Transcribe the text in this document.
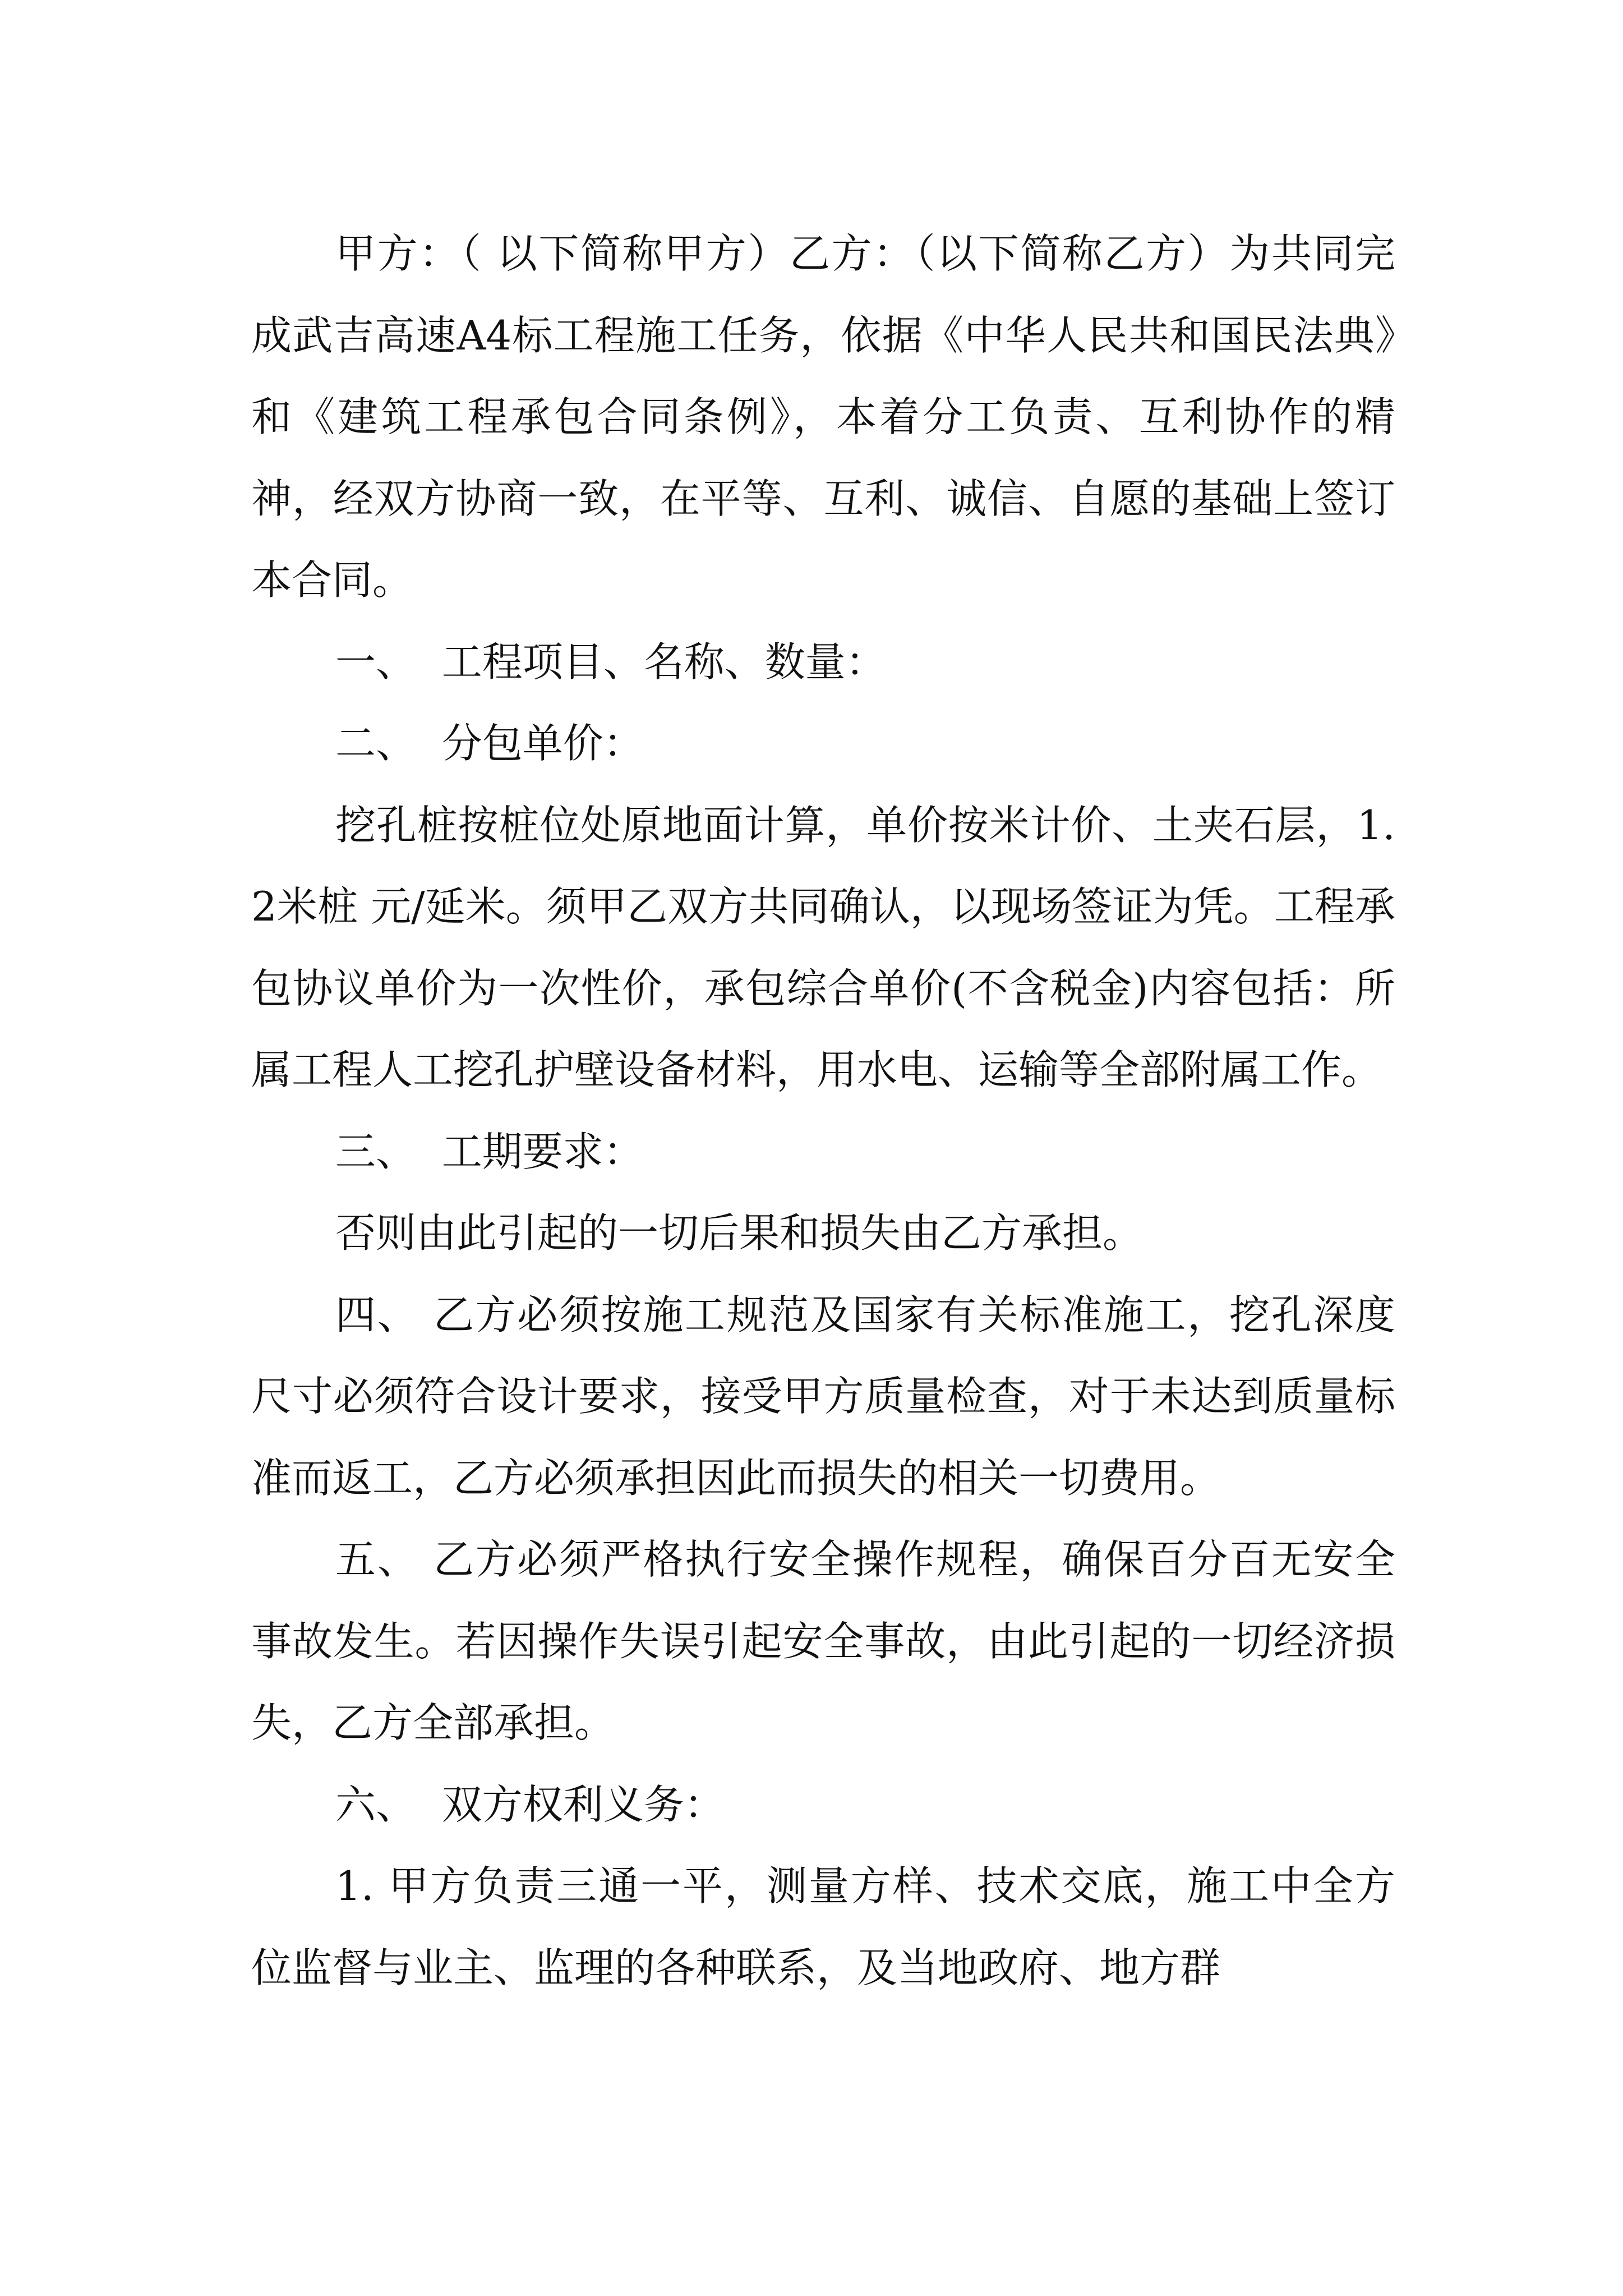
甲方：（ 以下简称甲方）乙方：（以下简称乙方）为共同完成武吉高速A4标工程施工任务，依据《中华人民共和国民法典》和《建筑工程承包合同条例》，本着分工负责、互利协作的精神，经双方协商一致，在平等、互利、诚信、自愿的基础上签订本合同。

一、  工程项目、名称、数量：

二、  分包单价：

挖孔桩按桩位处原地面计算，单价按米计价、土夹石层，1.2米桩 元/延米。须甲乙双方共同确认，以现场签证为凭。工程承包协议单价为一次性价，承包综合单价(不含税金)内容包括：所属工程人工挖孔护壁设备材料，用水电、运输等全部附属工作。

三、  工期要求：

否则由此引起的一切后果和损失由乙方承担。

四、 乙方必须按施工规范及国家有关标准施工，挖孔深度尺寸必须符合设计要求，接受甲方质量检查，对于未达到质量标准而返工，乙方必须承担因此而损失的相关一切费用。

五、 乙方必须严格执行安全操作规程，确保百分百无安全事故发生。若因操作失误引起安全事故，由此引起的一切经济损失，乙方全部承担。

六、  双方权利义务：

1. 甲方负责三通一平，测量方样、技术交底，施工中全方位监督与业主、监理的各种联系，及当地政府、地方群
